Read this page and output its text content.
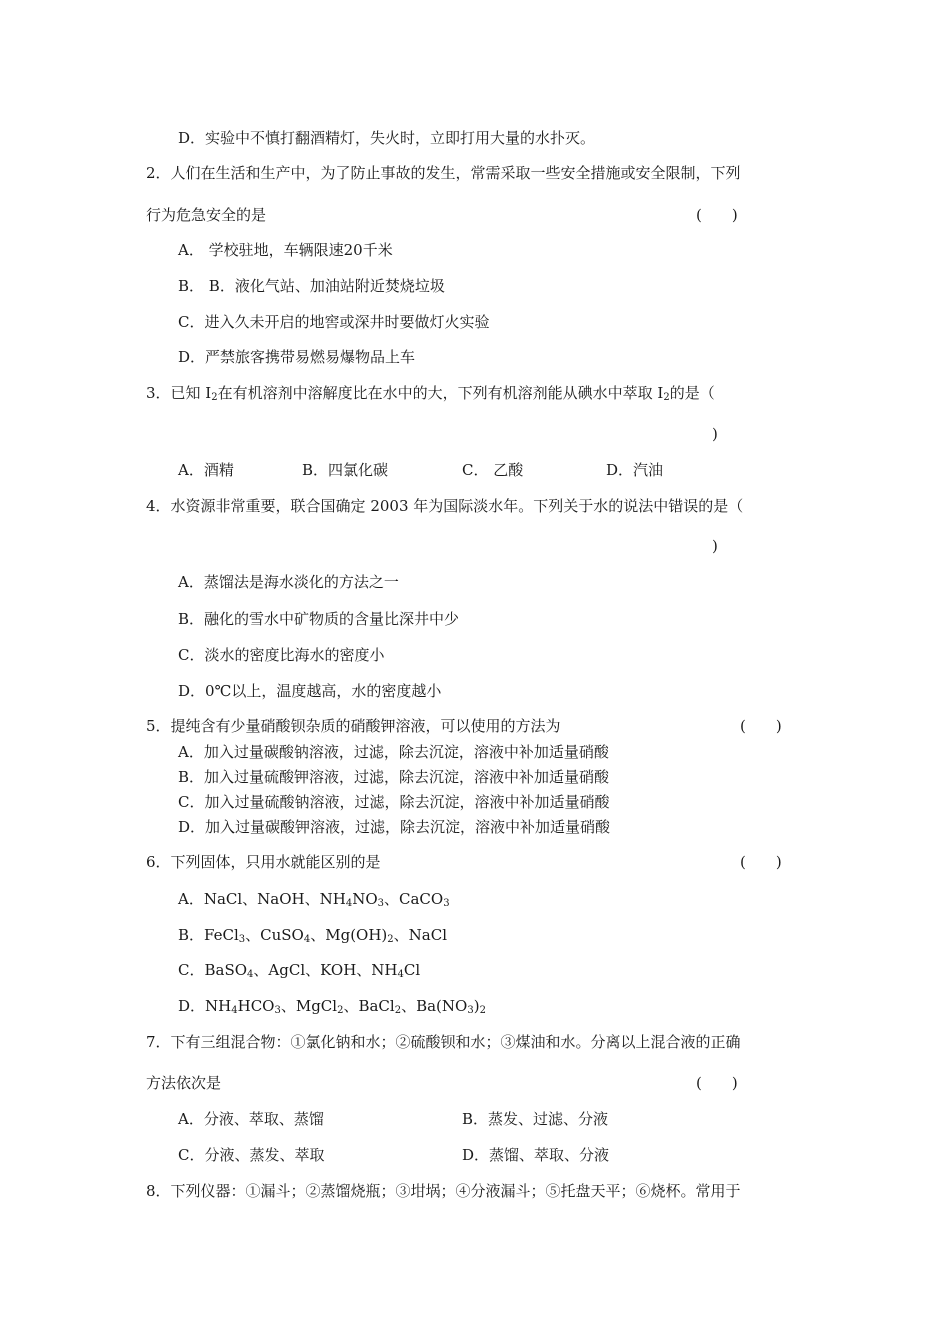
D．实验中不慎打翻酒精灯，失火时，立即打用大量的水扑灭。
2．人们在生活和生产中，为了防止事故的发生，常需采取一些安全措施或安全限制，下列
行为危急安全的是	(　　)
A． 学校驻地，车辆限速20千米
B． B．液化气站、加油站附近焚烧垃圾
C．进入久未开启的地窖或深井时要做灯火实验
D．严禁旅客携带易燃易爆物品上车
3．已知 $I_2$在有机溶剂中溶解度比在水中的大，下列有机溶剂能从碘水中萃取 $I_2$的是（
)
A．酒精	B．四氯化碳	C． 乙酸	D．汽油
4．水资源非常重要，联合国确定 2003 年为国际淡水年。下列关于水的说法中错误的是（
)
A．蒸馏法是海水淡化的方法之一
B．融化的雪水中矿物质的含量比深井中少
C．淡水的密度比海水的密度小
D．0℃以上，温度越高，水的密度越小
5．提纯含有少量硝酸钡杂质的硝酸钾溶液，可以使用的方法为	(　　)
A．加入过量碳酸钠溶液，过滤，除去沉淀，溶液中补加适量硝酸
B．加入过量硫酸钾溶液，过滤，除去沉淀，溶液中补加适量硝酸
C．加入过量硫酸钠溶液，过滤，除去沉淀，溶液中补加适量硝酸
D．加入过量碳酸钾溶液，过滤，除去沉淀，溶液中补加适量硝酸
6．下列固体，只用水就能区别的是	(　　)
A．NaCl、NaOH、$NH_4NO_3$、CaCO$_3$
B．FeCl$_3$、CuSO$_4$、$Mg(OH)_2$、NaCl
C．BaSO$_4$、AgCl、KOH、$NH_4Cl$
D．$NH_4HCO_3$、MgCl$_2$、BaCl$_2$、$Ba(NO_3)_2$
7．下有三组混合物：①氯化钠和水；②硫酸钡和水；③煤油和水。分离以上混合液的正确
方法依次是	(　　)
A．分液、萃取、蒸馏	B．蒸发、过滤、分液
C．分液、蒸发、萃取	D．蒸馏、萃取、分液
8．下列仪器：①漏斗；②蒸馏烧瓶；③坩埚；④分液漏斗；⑤托盘天平；⑥烧杯。常用于
